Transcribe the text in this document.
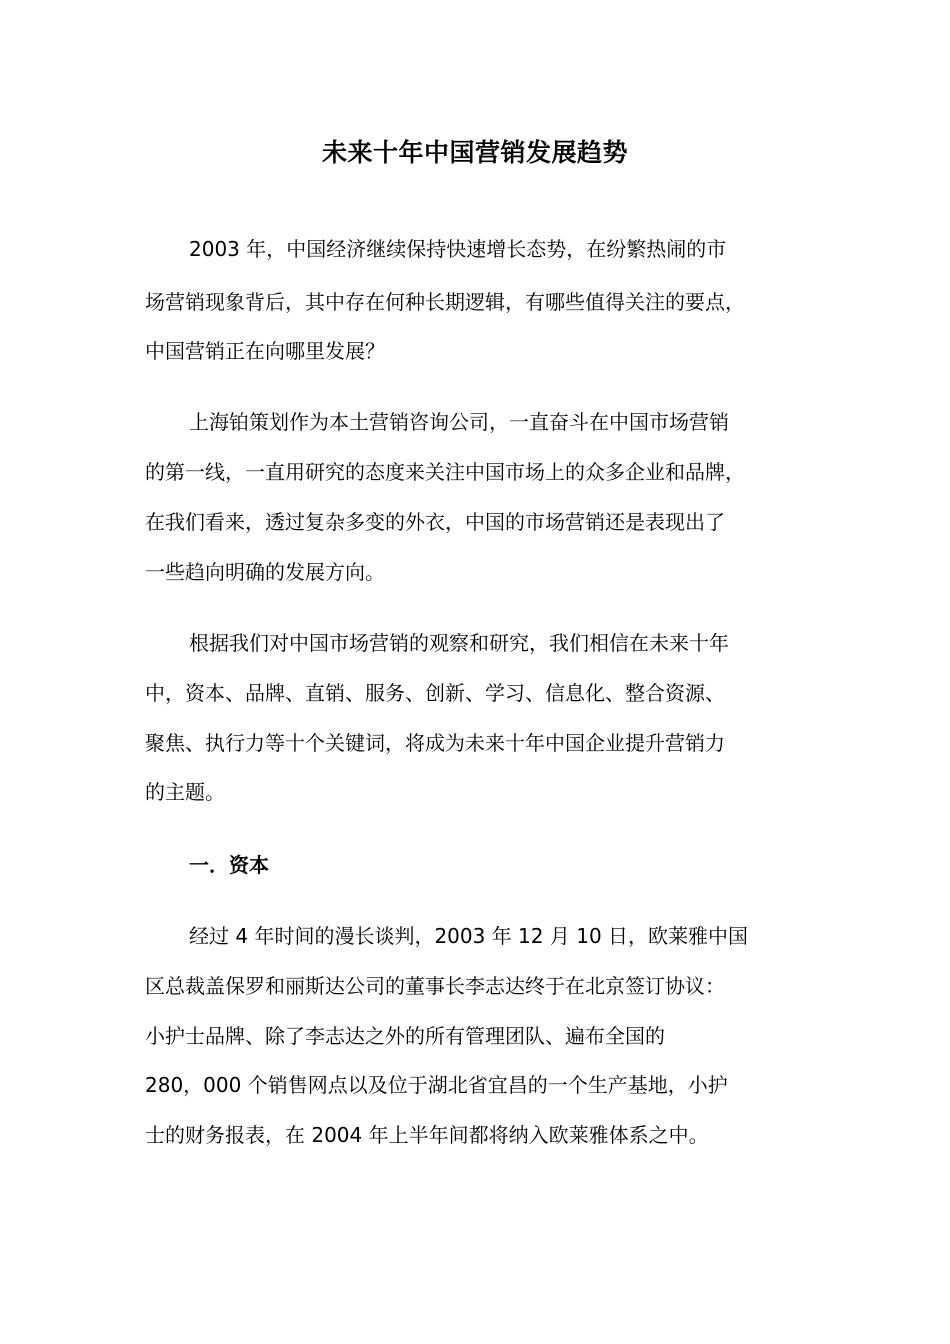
未来十年中国营销发展趋势
2003 年，中国经济继续保持快速增长态势，在纷繁热闹的市
场营销现象背后，其中存在何种长期逻辑，有哪些值得关注的要点，
中国营销正在向哪里发展？
上海铂策划作为本土营销咨询公司，一直奋斗在中国市场营销
的第一线，一直用研究的态度来关注中国市场上的众多企业和品牌，
在我们看来，透过复杂多变的外衣，中国的市场营销还是表现出了
一些趋向明确的发展方向。
根据我们对中国市场营销的观察和研究，我们相信在未来十年
中，资本、品牌、直销、服务、创新、学习、信息化、整合资源、
聚焦、执行力等十个关键词，将成为未来十年中国企业提升营销力
的主题。
一．资本
经过 4 年时间的漫长谈判，2003 年 12 月 10 日，欧莱雅中国
区总裁盖保罗和丽斯达公司的董事长李志达终于在北京签订协议：
小护士品牌、除了李志达之外的所有管理团队、遍布全国的
280，000 个销售网点以及位于湖北省宜昌的一个生产基地，小护
士的财务报表，在 2004 年上半年间都将纳入欧莱雅体系之中。
